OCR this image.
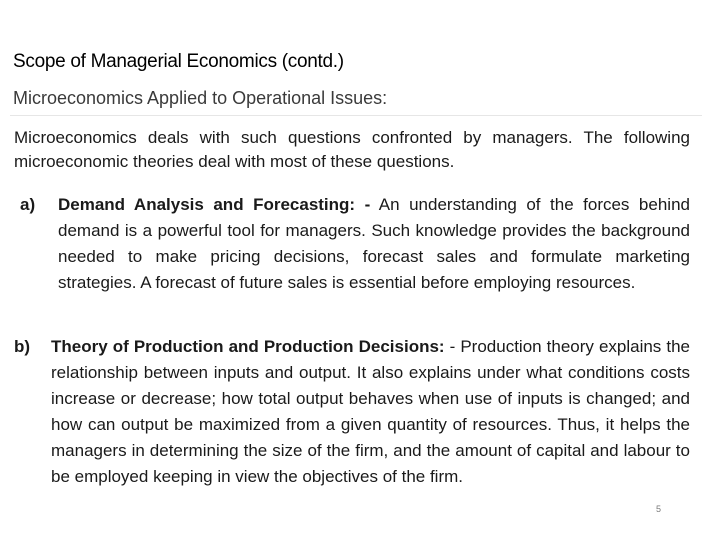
Scope of Managerial Economics (contd.)
Microeconomics Applied to Operational Issues:
Microeconomics deals with such questions confronted by managers. The following microeconomic theories deal with most of these questions.
a) Demand Analysis and Forecasting: - An understanding of the forces behind demand is a powerful tool for managers. Such knowledge provides the background needed to make pricing decisions, forecast sales and formulate marketing strategies. A forecast of future sales is essential before employing resources.
b) Theory of Production and Production Decisions: - Production theory explains the relationship between inputs and output. It also explains under what conditions costs increase or decrease; how total output behaves when use of inputs is changed; and how can output be maximized from a given quantity of resources. Thus, it helps the managers in determining the size of the firm, and the amount of capital and labour to be employed keeping in view the objectives of the firm.
5
